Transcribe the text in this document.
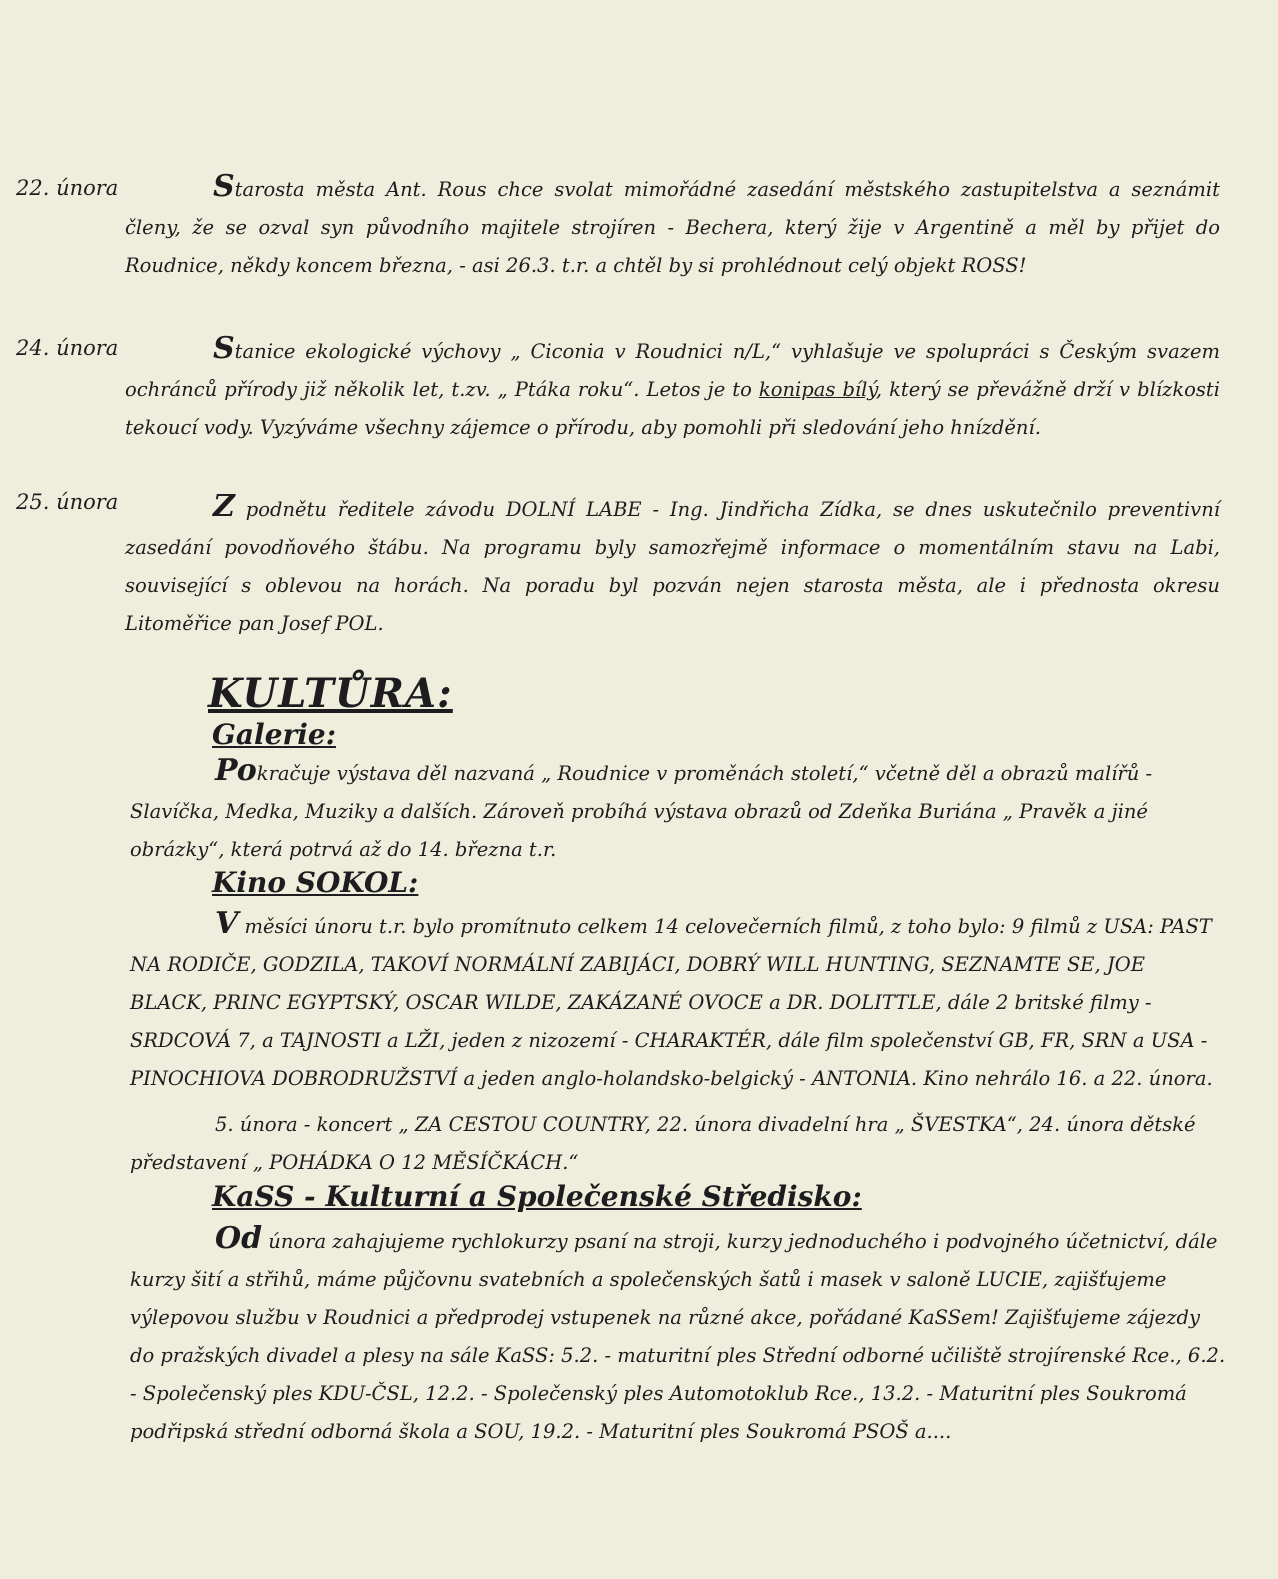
22. února	Starosta města Ant. Rous chce svolat mimořádné zasedání městského zastupitelstva a seznámit členy, že se ozval syn původního majitele strojíren - Bechera, který žije v Argentině a měl by přijet do Roudnice, někdy koncem března, - asi 26.3. t.r. a chtěl by si prohlédnout celý objekt ROSS!

24. února	Stanice ekologické výchovy „ Ciconia v Roudnici n/L,“ vyhlašuje ve spolupráci s Českým svazem ochránců přírody již několik let, t.zv. „ Ptáka roku“. Letos je to konipas bílý, který se převážně drží v blízkosti tekoucí vody. Vyzýváme všechny zájemce o přírodu, aby pomohli při sledování jeho hnízdění.

25. února	Z podnětu ředitele závodu DOLNÍ LABE - Ing. Jindřicha Zídka, se dnes uskutečnilo preventivní zasedání povodňového štábu. Na programu byly samozřejmě informace o momentálním stavu na Labi, související s oblevou na horách. Na poradu byl pozván nejen starosta města, ale i přednosta okresu Litoměřice pan Josef POL.

KULTŮRA:
Galerie:

Pokračuje výstava děl nazvaná „ Roudnice v proměnách století,“ včetně děl a obrazů malířů - Slavíčka, Medka, Muziky a dalších. Zároveň probíhá výstava obrazů od Zdeňka Buriána „ Pravěk a jiné obrázky“, která potrvá až do 14. března t.r.

Kino SOKOL:

V měsíci únoru t.r. bylo promítnuto celkem 14 celovečerních filmů, z toho bylo: 9 filmů z USA: PAST NA RODIČE, GODZILA, TAKOVÍ NORMÁLNÍ ZABIJÁCI, DOBRÝ WILL HUNTING, SEZNAMTE SE, JOE BLACK, PRINC EGYPTSKÝ, OSCAR WILDE, ZAKÁZANÉ OVOCE a DR. DOLITTLE, dále 2 britské filmy - SRDCOVÁ 7, a TAJNOSTI a LŽI, jeden z nizozemí - CHARAKTÉR, dále film společenství GB, FR, SRN a USA - PINOCHIOVA DOBRODRUŽSTVÍ a jeden anglo-holandsko-belgický - ANTONIA. Kino nehrálo 16. a 22. února.

5. února - koncert „ ZA CESTOU COUNTRY, 22. února divadelní hra „ ŠVESTKA“, 24. února dětské představení „ POHÁDKA O 12 MĚSÍČKÁCH.“

KaSS - Kulturní a Společenské Středisko:

Od února zahajujeme rychlokurzy psaní na stroji, kurzy jednoduchého i podvojného účetnictví, dále kurzy šití a střihů, máme půjčovnu svatebních a společenských šatů i masek v saloně LUCIE, zajišťujeme výlepovou službu v Roudnici a předprodej vstupenek na různé akce, pořádané KaSSem! Zajišťujeme zájezdy do pražských divadel a plesy na sále KaSS: 5.2. - maturitní ples Střední odborné učiliště strojírenské Rce., 6.2. - Společenský ples KDU-ČSL, 12.2. - Společenský ples Automotoklub Rce., 13.2. - Maturitní ples Soukromá podřipská střední odborná škola a SOU, 19.2. - Maturitní ples Soukromá PSOŠ a....
